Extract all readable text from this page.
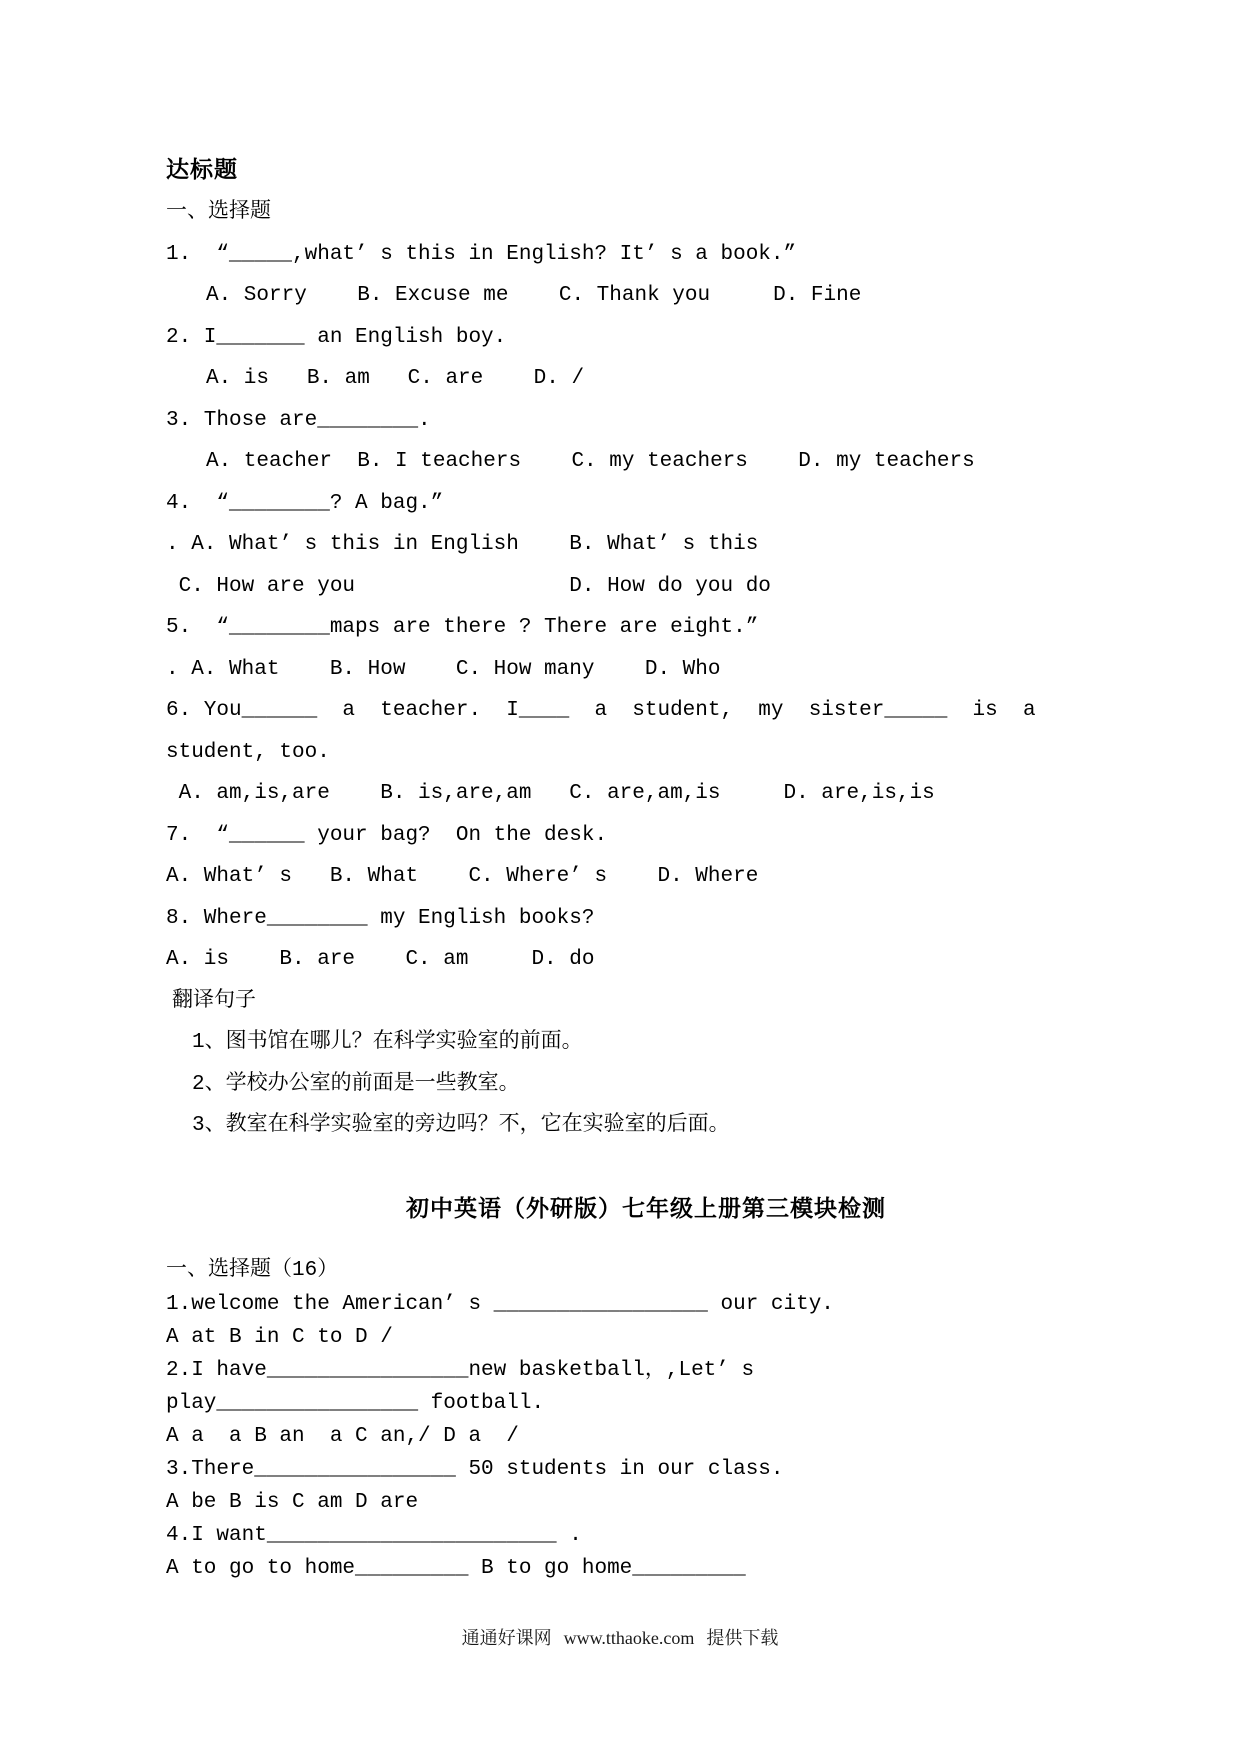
达标题
一、选择题
1.  “_____,what’ s this in English? It’ s a book.”
A. Sorry    B. Excuse me    C. Thank you     D. Fine
2. I_______ an English boy.
A. is   B. am   C. are    D. /
3. Those are________.
A. teacher  B. I teachers    C. my teachers    D. my teachers
4.  “________? A bag.”
. A. What’ s this in English    B. What’ s this
C. How are you                 D. How do you do
5.  “________maps are there ? There are eight.”
. A. What    B. How    C. How many    D. Who
6. You______  a  teacher.  I____  a  student,  my  sister_____  is  a
student, too.
A. am,is,are    B. is,are,am   C. are,am,is     D. are,is,is
7.  “______ your bag?  On the desk.
A. What’ s   B. What    C. Where’ s    D. Where
8. Where________ my English books?
A. is    B. are    C. am     D. do
翻译句子
1、图书馆在哪儿？在科学实验室的前面。
2、学校办公室的前面是一些教室。
3、教室在科学实验室的旁边吗？不，它在实验室的后面。
初中英语（外研版）七年级上册第三模块检测
一、选择题（16）
1.welcome the American’ s _________________ our city.
A at B in C to D /
2.I have________________new basketball，,Let’ s
play________________ football.
A a  a B an  a C an,/ D a  /
3.There________________ 50 students in our class.
A be B is C am D are
4.I want_______________________ .
A to go to home_________ B to go home_________
通通好课网 www.tthaoke.com 提供下载
